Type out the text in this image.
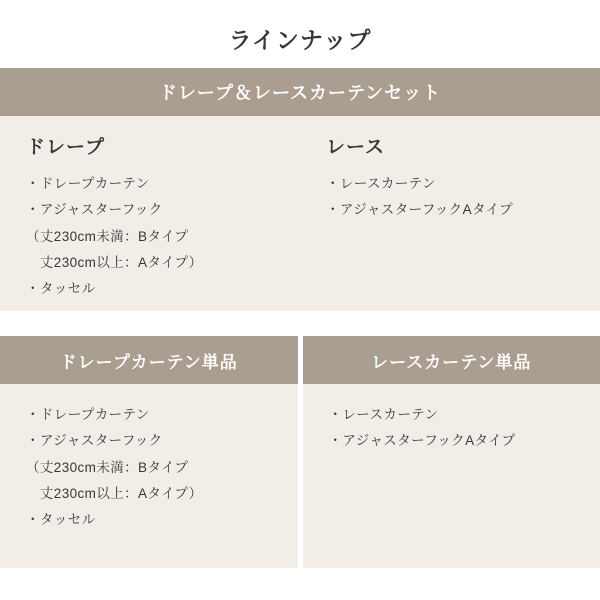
ラインナップ
ドレープ＆レースカーテンセット
ドレープ
・ドレープカーテン
・アジャスターフック
（丈230cm未満：Bタイプ
　丈230cm以上：Aタイプ）
・タッセル
レース
・レースカーテン
・アジャスターフックAタイプ
ドレープカーテン単品
・ドレープカーテン
・アジャスターフック
（丈230cm未満：Bタイプ
　丈230cm以上：Aタイプ）
・タッセル
レースカーテン単品
・レースカーテン
・アジャスターフックAタイプ
